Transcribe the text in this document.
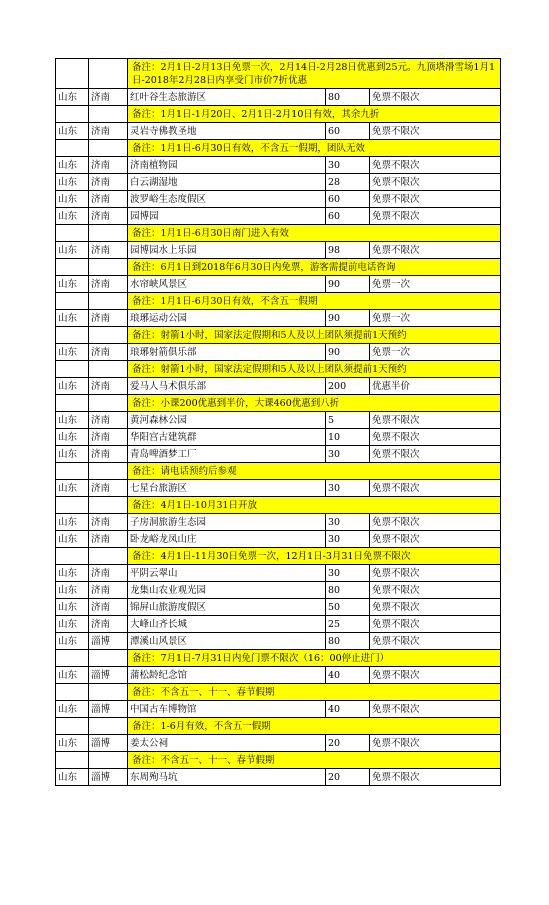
		备注：2月1日-2月13日免票一次，2月14日-2月28日优惠到25元。九顶塔滑雪场1月1日-2018年2月28日内享受门市价7折优惠		
山东	济南	红叶谷生态旅游区	80	免票不限次
		备注：1月1日-1月20日、2月1日-2月10日有效，其余九折		
山东	济南	灵岩寺佛教圣地	60	免票不限次
		备注：1月1日-6月30日有效，不含五一假期，团队无效		
山东	济南	济南植物园	30	免票不限次
山东	济南	白云湖湿地	28	免票不限次
山东	济南	波罗峪生态度假区	60	免票不限次
山东	济南	园博园	60	免票不限次
		备注：1月1日-6月30日南门进入有效		
山东	济南	园博园水上乐园	98	免票不限次
		备注：6月1日到2018年6月30日内免票，游客需提前电话咨询		
山东	济南	水帘峡风景区	90	免票一次
		备注：1月1日-6月30日有效，不含五一假期		
山东	济南	琅琊运动公园	90	免票一次
		备注：射箭1小时，国家法定假期和5人及以上团队须提前1天预约		
山东	济南	琅琊射箭俱乐部	90	免票一次
		备注：射箭1小时，国家法定假期和5人及以上团队须提前1天预约		
山东	济南	爱马人马术俱乐部	200	优惠半价
		备注：小课200优惠到半价，大课460优惠到八折		
山东	济南	黄河森林公园	5	免票不限次
山东	济南	华阳宫古建筑群	10	免票不限次
山东	济南	青岛啤酒梦工厂	30	免票不限次
		备注：请电话预约后参观		
山东	济南	七星台旅游区	30	免票不限次
		备注：4月1日-10月31日开放		
山东	济南	子房洞旅游生态园	30	免票不限次
山东	济南	卧龙峪龙凤山庄	30	免票不限次
		备注：4月1日-11月30日免票一次，12月1日-3月31日免票不限次		
山东	济南	平阴云翠山	30	免票不限次
山东	济南	龙集山农业观光园	80	免票不限次
山东	济南	锦屏山旅游度假区	50	免票不限次
山东	济南	大峰山齐长城	25	免票不限次
山东	淄博	潭溪山风景区	80	免票不限次
		备注：7月1日-7月31日内免门票不限次（16：00停止进门）		
山东	淄博	蒲松龄纪念馆	40	免票不限次
		备注：不含五一、十一、春节假期		
山东	淄博	中国古车博物馆	40	免票不限次
		备注：1-6月有效，不含五一假期		
山东	淄博	姜太公祠	20	免票不限次
		备注：不含五一、十一、春节假期		
山东	淄博	东周殉马坑	20	免票不限次
